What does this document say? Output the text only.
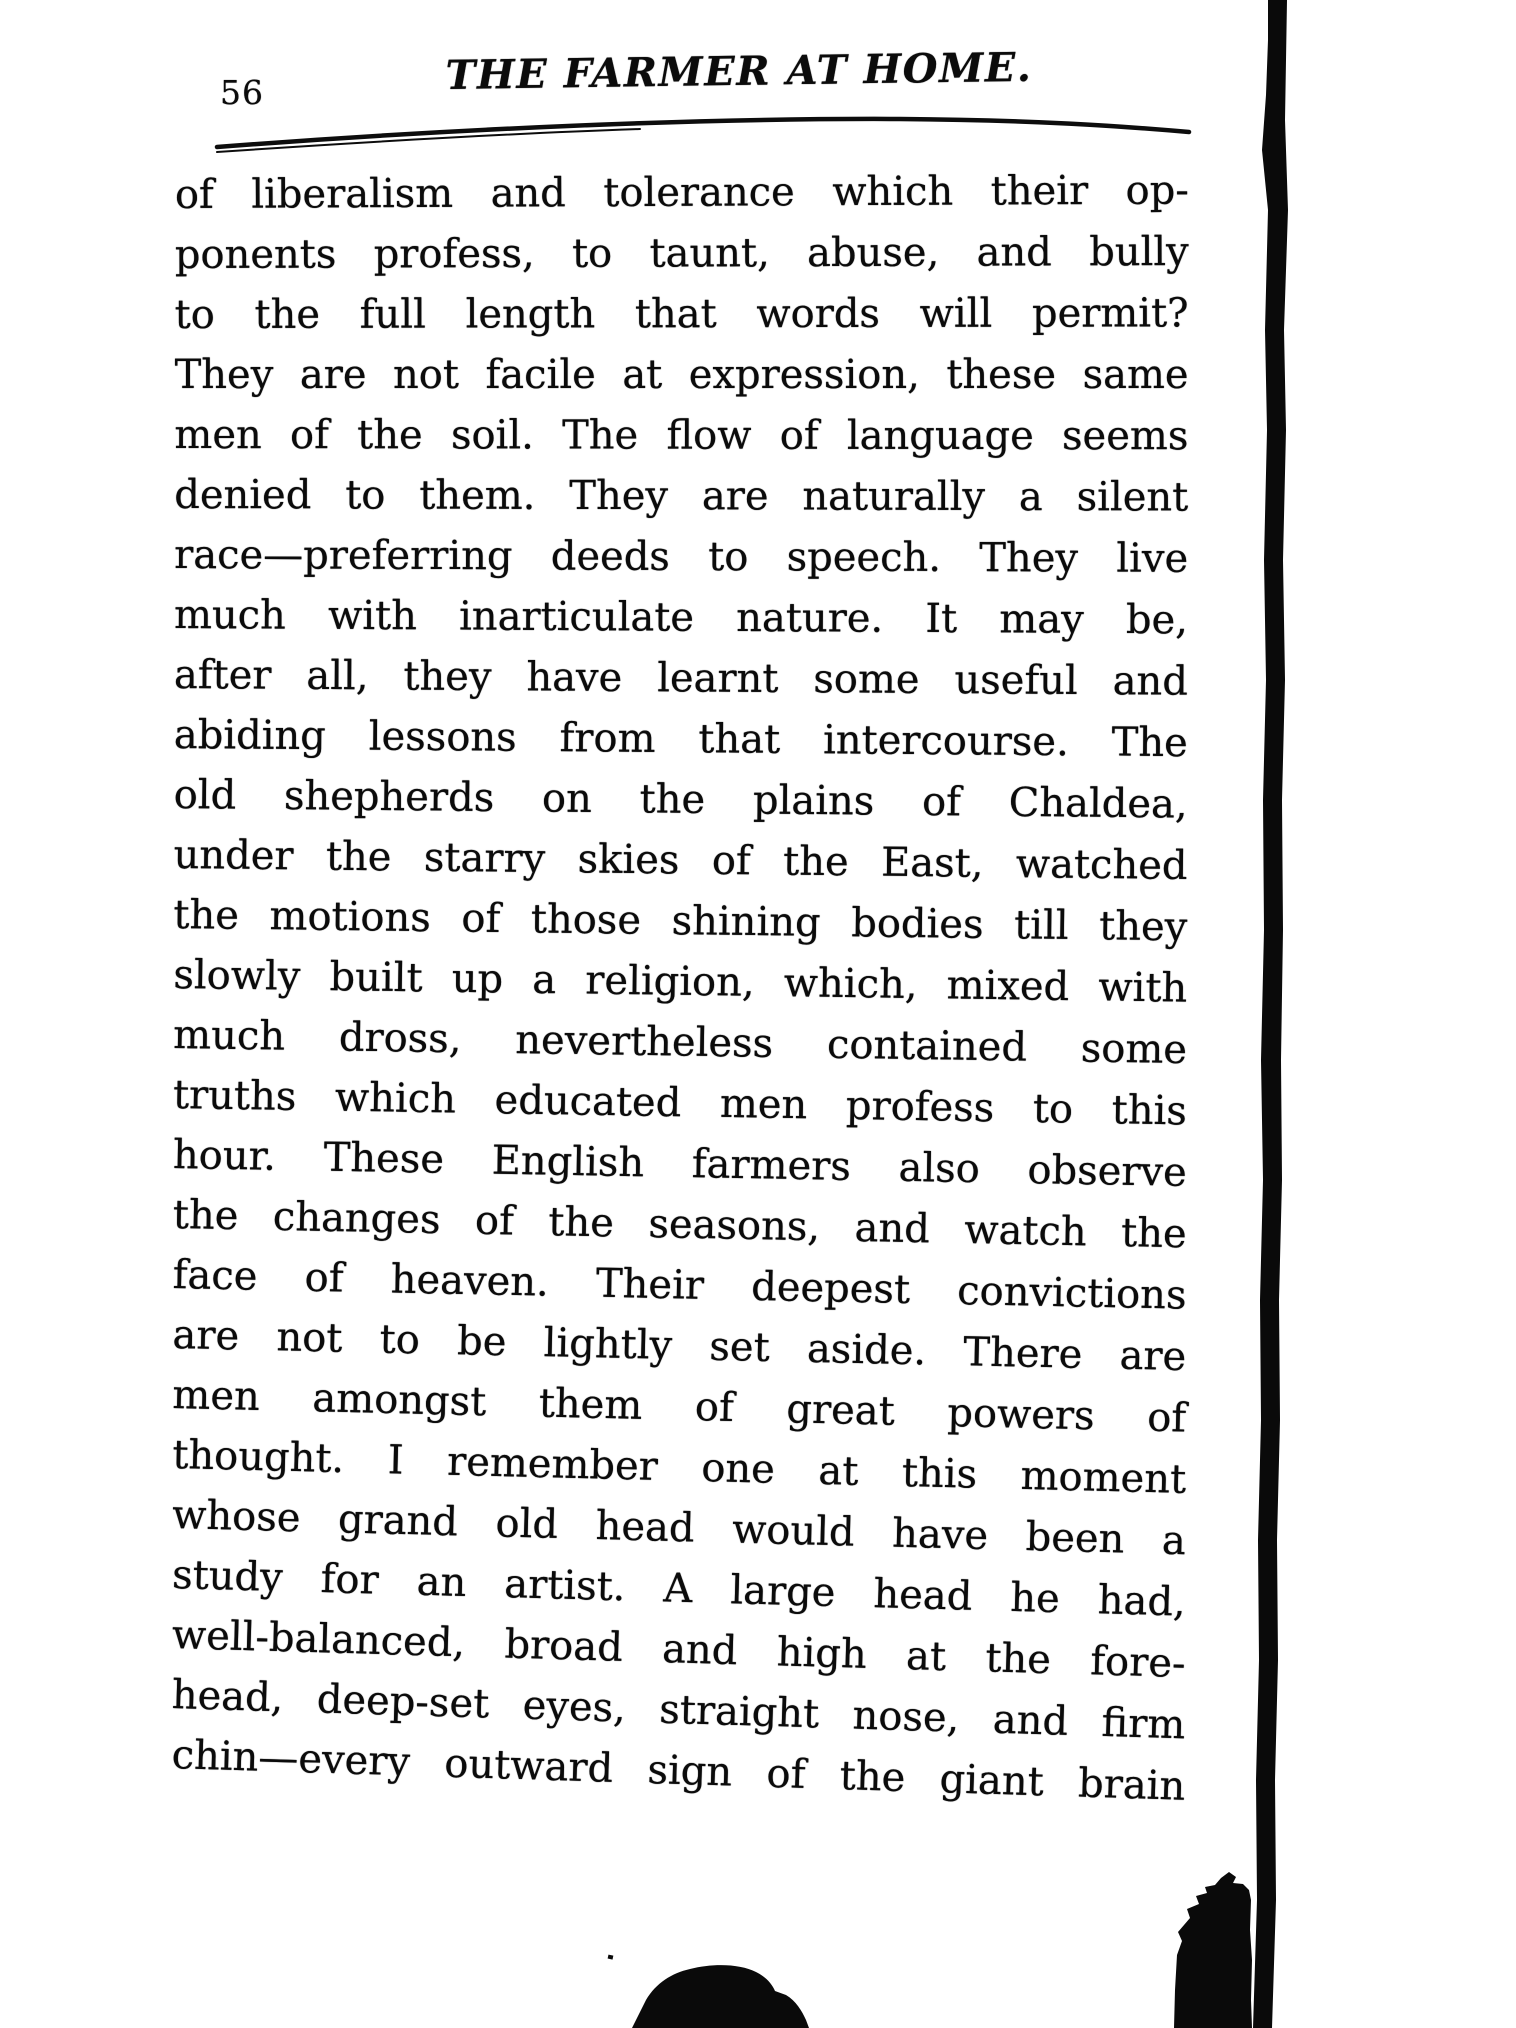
56	THE FARMER AT HOME.
of liberalism and tolerance which their op-
ponents profess, to taunt, abuse, and bully
to the full length that words will permit?
They are not facile at expression, these same
men of the soil. The flow of language seems
denied to them. They are naturally a silent
race—preferring deeds to speech. They live
much with inarticulate nature. It may be,
after all, they have learnt some useful and
abiding lessons from that intercourse. The
old shepherds on the plains of Chaldea,
under the starry skies of the East, watched
the motions of those shining bodies till they
slowly built up a religion, which, mixed with
much dross, nevertheless contained some
truths which educated men profess to this
hour. These English farmers also observe
the changes of the seasons, and watch the
face of heaven. Their deepest convictions
are not to be lightly set aside. There are
men amongst them of great powers of
thought. I remember one at this moment
whose grand old head would have been a
study for an artist. A large head he had,
well-balanced, broad and high at the fore-
head, deep-set eyes, straight nose, and firm
chin—every outward sign of the giant brain
